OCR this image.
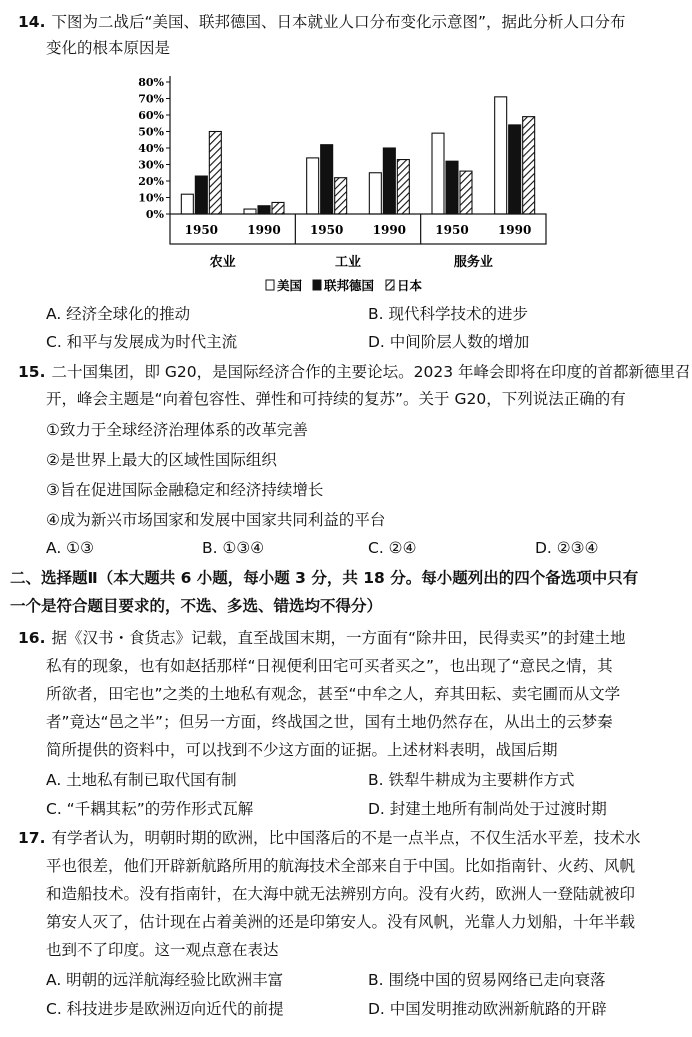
14. 下图为二战后“美国、联邦德国、日本就业人口分布变化示意图”，据此分析人口分布
变化的根本原因是
80%
70%
60%
50%
40%
30%
20%
10%
0%
1950 1990 1950 1990 1950 1990
农业	工业	服务业
美国 联邦德国 日本
A. 经济全球化的推动	B. 现代科学技术的进步
C. 和平与发展成为时代主流	D. 中间阶层人数的增加
15. 二十国集团，即 G20，是国际经济合作的主要论坛。2023 年峰会即将在印度的首都新德里召
开，峰会主题是“向着包容性、弹性和可持续的复苏”。关于 G20，下列说法正确的有
①致力于全球经济治理体系的改革完善
②是世界上最大的区域性国际组织
③旨在促进国际金融稳定和经济持续增长
④成为新兴市场国家和发展中国家共同利益的平台
A. ①③	B. ①③④	C. ②④	D. ②③④
二、选择题Ⅱ（本大题共 6 小题，每小题 3 分，共 18 分。每小题列出的四个备选项中只有
一个是符合题目要求的，不选、多选、错选均不得分）
16. 据《汉书・食货志》记载，直至战国末期，一方面有“除井田，民得卖买”的封建土地
私有的现象，也有如赵括那样“日视便利田宅可买者买之”，也出现了“意民之情，其
所欲者，田宅也”之类的土地私有观念，甚至“中牟之人，弃其田耘、卖宅圃而从文学
者”竟达“邑之半”；但另一方面，终战国之世，国有土地仍然存在，从出土的云梦秦
简所提供的资料中，可以找到不少这方面的证据。上述材料表明，战国后期
A. 土地私有制已取代国有制	B. 铁犁牛耕成为主要耕作方式
C. “千耦其耘”的劳作形式瓦解	D. 封建土地所有制尚处于过渡时期
17. 有学者认为，明朝时期的欧洲，比中国落后的不是一点半点，不仅生活水平差，技术水
平也很差，他们开辟新航路所用的航海技术全部来自于中国。比如指南针、火药、风帆
和造船技术。没有指南针，在大海中就无法辨别方向。没有火药，欧洲人一登陆就被印
第安人灭了，估计现在占着美洲的还是印第安人。没有风帆，光靠人力划船，十年半载
也到不了印度。这一观点意在表达
A. 明朝的远洋航海经验比欧洲丰富	B. 围绕中国的贸易网络已走向衰落
C. 科技进步是欧洲迈向近代的前提	D. 中国发明推动欧洲新航路的开辟
